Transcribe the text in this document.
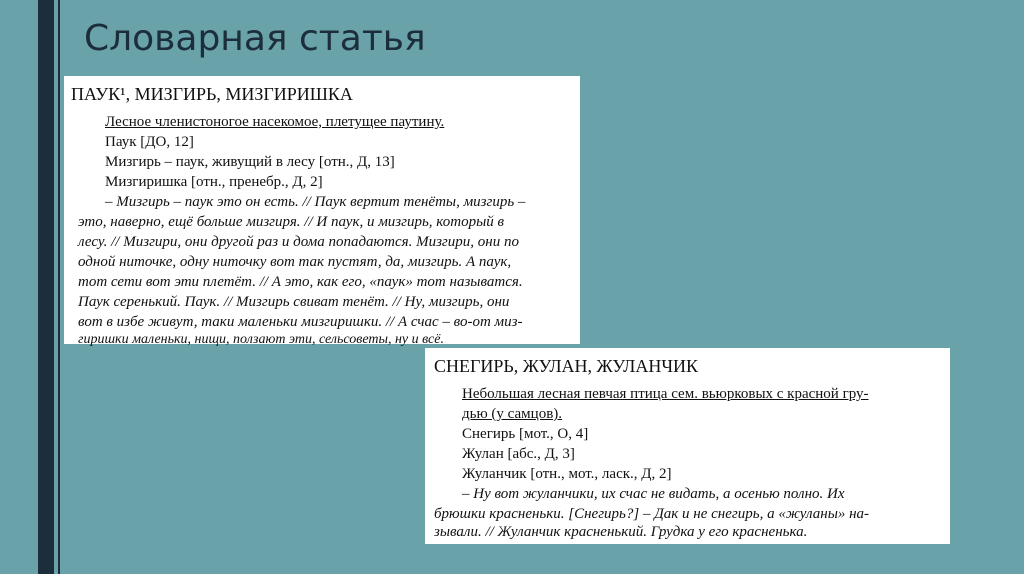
Словарная статья
ПАУК¹, МИЗГИРЬ, МИЗГИРИШКА
Лесное членистоногое насекомое, плетущее паутину.
Паук [ДО, 12]
Мизгирь – паук, живущий в лесу [отн., Д, 13]
Мизгиришка [отн., пренебр., Д, 2]
– Мизгирь – паук это он есть. // Паук вертит тенёты, мизгирь –
это, наверно, ещё больше мизгиря. // И паук, и мизгирь, который в
лесу. // Мизгири, они другой раз и дома попадаются. Мизгири, они по
одной ниточке, одну ниточку вот так пустят, да, мизгирь. А паук,
тот сети вот эти плетёт. // А это, как его, «паук» тот называтся.
Паук серенький. Паук. // Мизгирь свиват тенёт. // Ну, мизгирь, они
вот в избе живут, таки маленьки мизгиришки. // А счас – во-от миз-
гиришки маленьки, нищи, ползают эти, сельсоветы, ну и всё.
СНЕГИРЬ, ЖУЛАН, ЖУЛАНЧИК
Небольшая лесная певчая птица сем. вьюрковых с красной гру-
дью (у самцов).
Снегирь [мот., О, 4]
Жулан [абс., Д, 3]
Жуланчик [отн., мот., ласк., Д, 2]
– Ну вот жуланчики, их счас не видать, а осенью полно. Их
брюшки красненьки. [Снегирь?] – Дак и не снегирь, а «жуланы» на-
зывали. // Жуланчик красненький. Грудка у его красненька.
